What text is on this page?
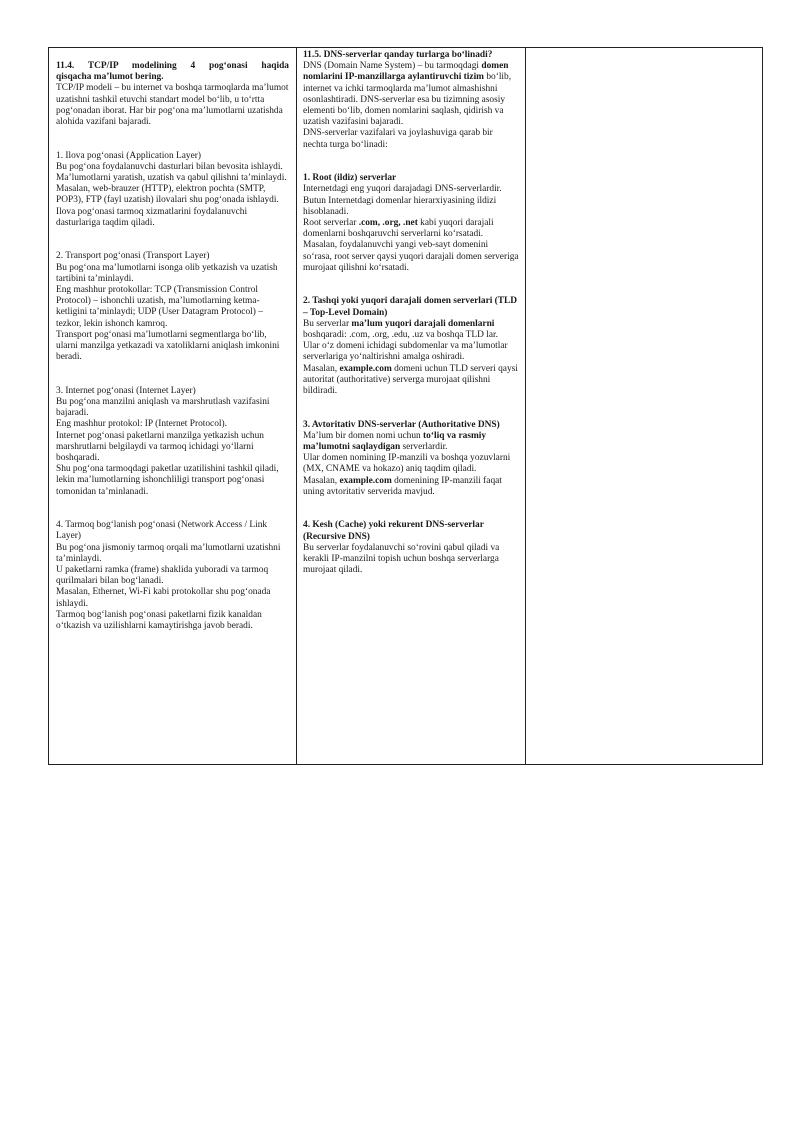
11.4. TCP/IP modelining 4 pog‘onasi haqida

qisqacha ma’lumot bering.

TCP/IP modeli – bu internet va boshqa tarmoqlarda ma’lumot uzatishni tashkil etuvchi standart model bo‘lib, u to‘rtta pog‘onadan iborat. Har bir pog‘ona ma’lumotlarni uzatishda alohida vazifani bajaradi.

1. Ilova pog‘onasi (Application Layer)

Bu pog‘ona foydalanuvchi dasturlari bilan bevosita ishlaydi.

Ma’lumotlarni yaratish, uzatish va qabul qilishni ta’minlaydi.

Masalan, web-brauzer (HTTP), elektron pochta (SMTP, POP3), FTP (fayl uzatish) ilovalari shu pog‘onada ishlaydi.

Ilova pog‘onasi tarmoq xizmatlarini foydalanuvchi dasturlariga taqdim qiladi.

2. Transport pog‘onasi (Transport Layer)

Bu pog‘ona ma’lumotlarni isonga olib yetkazish va uzatish tartibini ta’minlaydi.

Eng mashhur protokollar: TCP (Transmission Control Protocol) – ishonchli uzatish, ma’lumotlarning ketma-ketligini ta’minlaydi; UDP (User Datagram Protocol) – tezkor, lekin ishonch kamroq.

Transport pog‘onasi ma’lumotlarni segmentlarga bo‘lib, ularni manzilga yetkazadi va xatoliklarni aniqlash imkonini beradi.

3. Internet pog‘onasi (Internet Layer)

Bu pog‘ona manzilni aniqlash va marshrutlash vazifasini bajaradi.

Eng mashhur protokol: IP (Internet Protocol).

Internet pog‘onasi paketlarni manzilga yetkazish uchun marshrutlarni belgilaydi va tarmoq ichidagi yo‘llarni boshqaradi.

Shu pog‘ona tarmoqdagi paketlar uzatilishini tashkil qiladi, lekin ma’lumotlarning ishonchliligi transport pog‘onasi tomonidan ta’minlanadi.

4. Tarmoq bog‘lanish pog‘onasi (Network Access / Link Layer)

Bu pog‘ona jismoniy tarmoq orqali ma’lumotlarni uzatishni ta’minlaydi.

U paketlarni ramka (frame) shaklida yuboradi va tarmoq qurilmalari bilan bog‘lanadi.

Masalan, Ethernet, Wi-Fi kabi protokollar shu pog‘onada ishlaydi.

Tarmoq bog‘lanish pog‘onasi paketlarni fizik kanaldan o‘tkazish va uzilishlarni kamaytirishga javob beradi.

11.5. DNS-serverlar qanday turlarga bo‘linadi?

DNS (Domain Name System) – bu tarmoqdagi domen nomlarini IP-manzillarga aylantiruvchi tizim bo‘lib, internet va ichki tarmoqlarda ma’lumot almashishni osonlashtiradi. DNS-serverlar esa bu tizimning asosiy elementi bo‘lib, domen nomlarini saqlash, qidirish va uzatish vazifasini bajaradi.

DNS-serverlar vazifalari va joylashuviga qarab bir nechta turga bo‘linadi:

1. Root (ildiz) serverlar

Internetdagi eng yuqori darajadagi DNS-serverlardir.

Butun Internetdagi domenlar hierarxiyasining ildizi hisoblanadi.

Root serverlar .com, .org, .net kabi yuqori darajali domenlarni boshqaruvchi serverlarni ko‘rsatadi.

Masalan, foydalanuvchi yangi veb-sayt domenini so‘rasa, root server qaysi yuqori darajali domen serveriga murojaat qilishni ko‘rsatadi.

2. Tashqi yoki yuqori darajali domen serverlari (TLD – Top-Level Domain)

Bu serverlar ma’lum yuqori darajali domenlarni boshqaradi: .com, .org, .edu, .uz va boshqa TLD lar.

Ular o‘z domeni ichidagi subdomenlar va ma’lumotlar serverlariga yo‘naltirishni amalga oshiradi.

Masalan, example.com domeni uchun TLD serveri qaysi autoritat (authoritative) serverga murojaat qilishni bildiradi.

3. Avtoritativ DNS-serverlar (Authoritative DNS)

Ma’lum bir domen nomi uchun to‘liq va rasmiy ma’lumotni saqlaydigan serverlardir.

Ular domen nomining IP-manzili va boshqa yozuvlarni (MX, CNAME va hokazo) aniq taqdim qiladi.

Masalan, example.com domenining IP-manzili faqat uning avtoritativ serverida mavjud.

4. Kesh (Cache) yoki rekurent DNS-serverlar (Recursive DNS)

Bu serverlar foydalanuvchi so‘rovini qabul qiladi va kerakli IP-manzilni topish uchun boshqa serverlarga murojaat qiladi.
